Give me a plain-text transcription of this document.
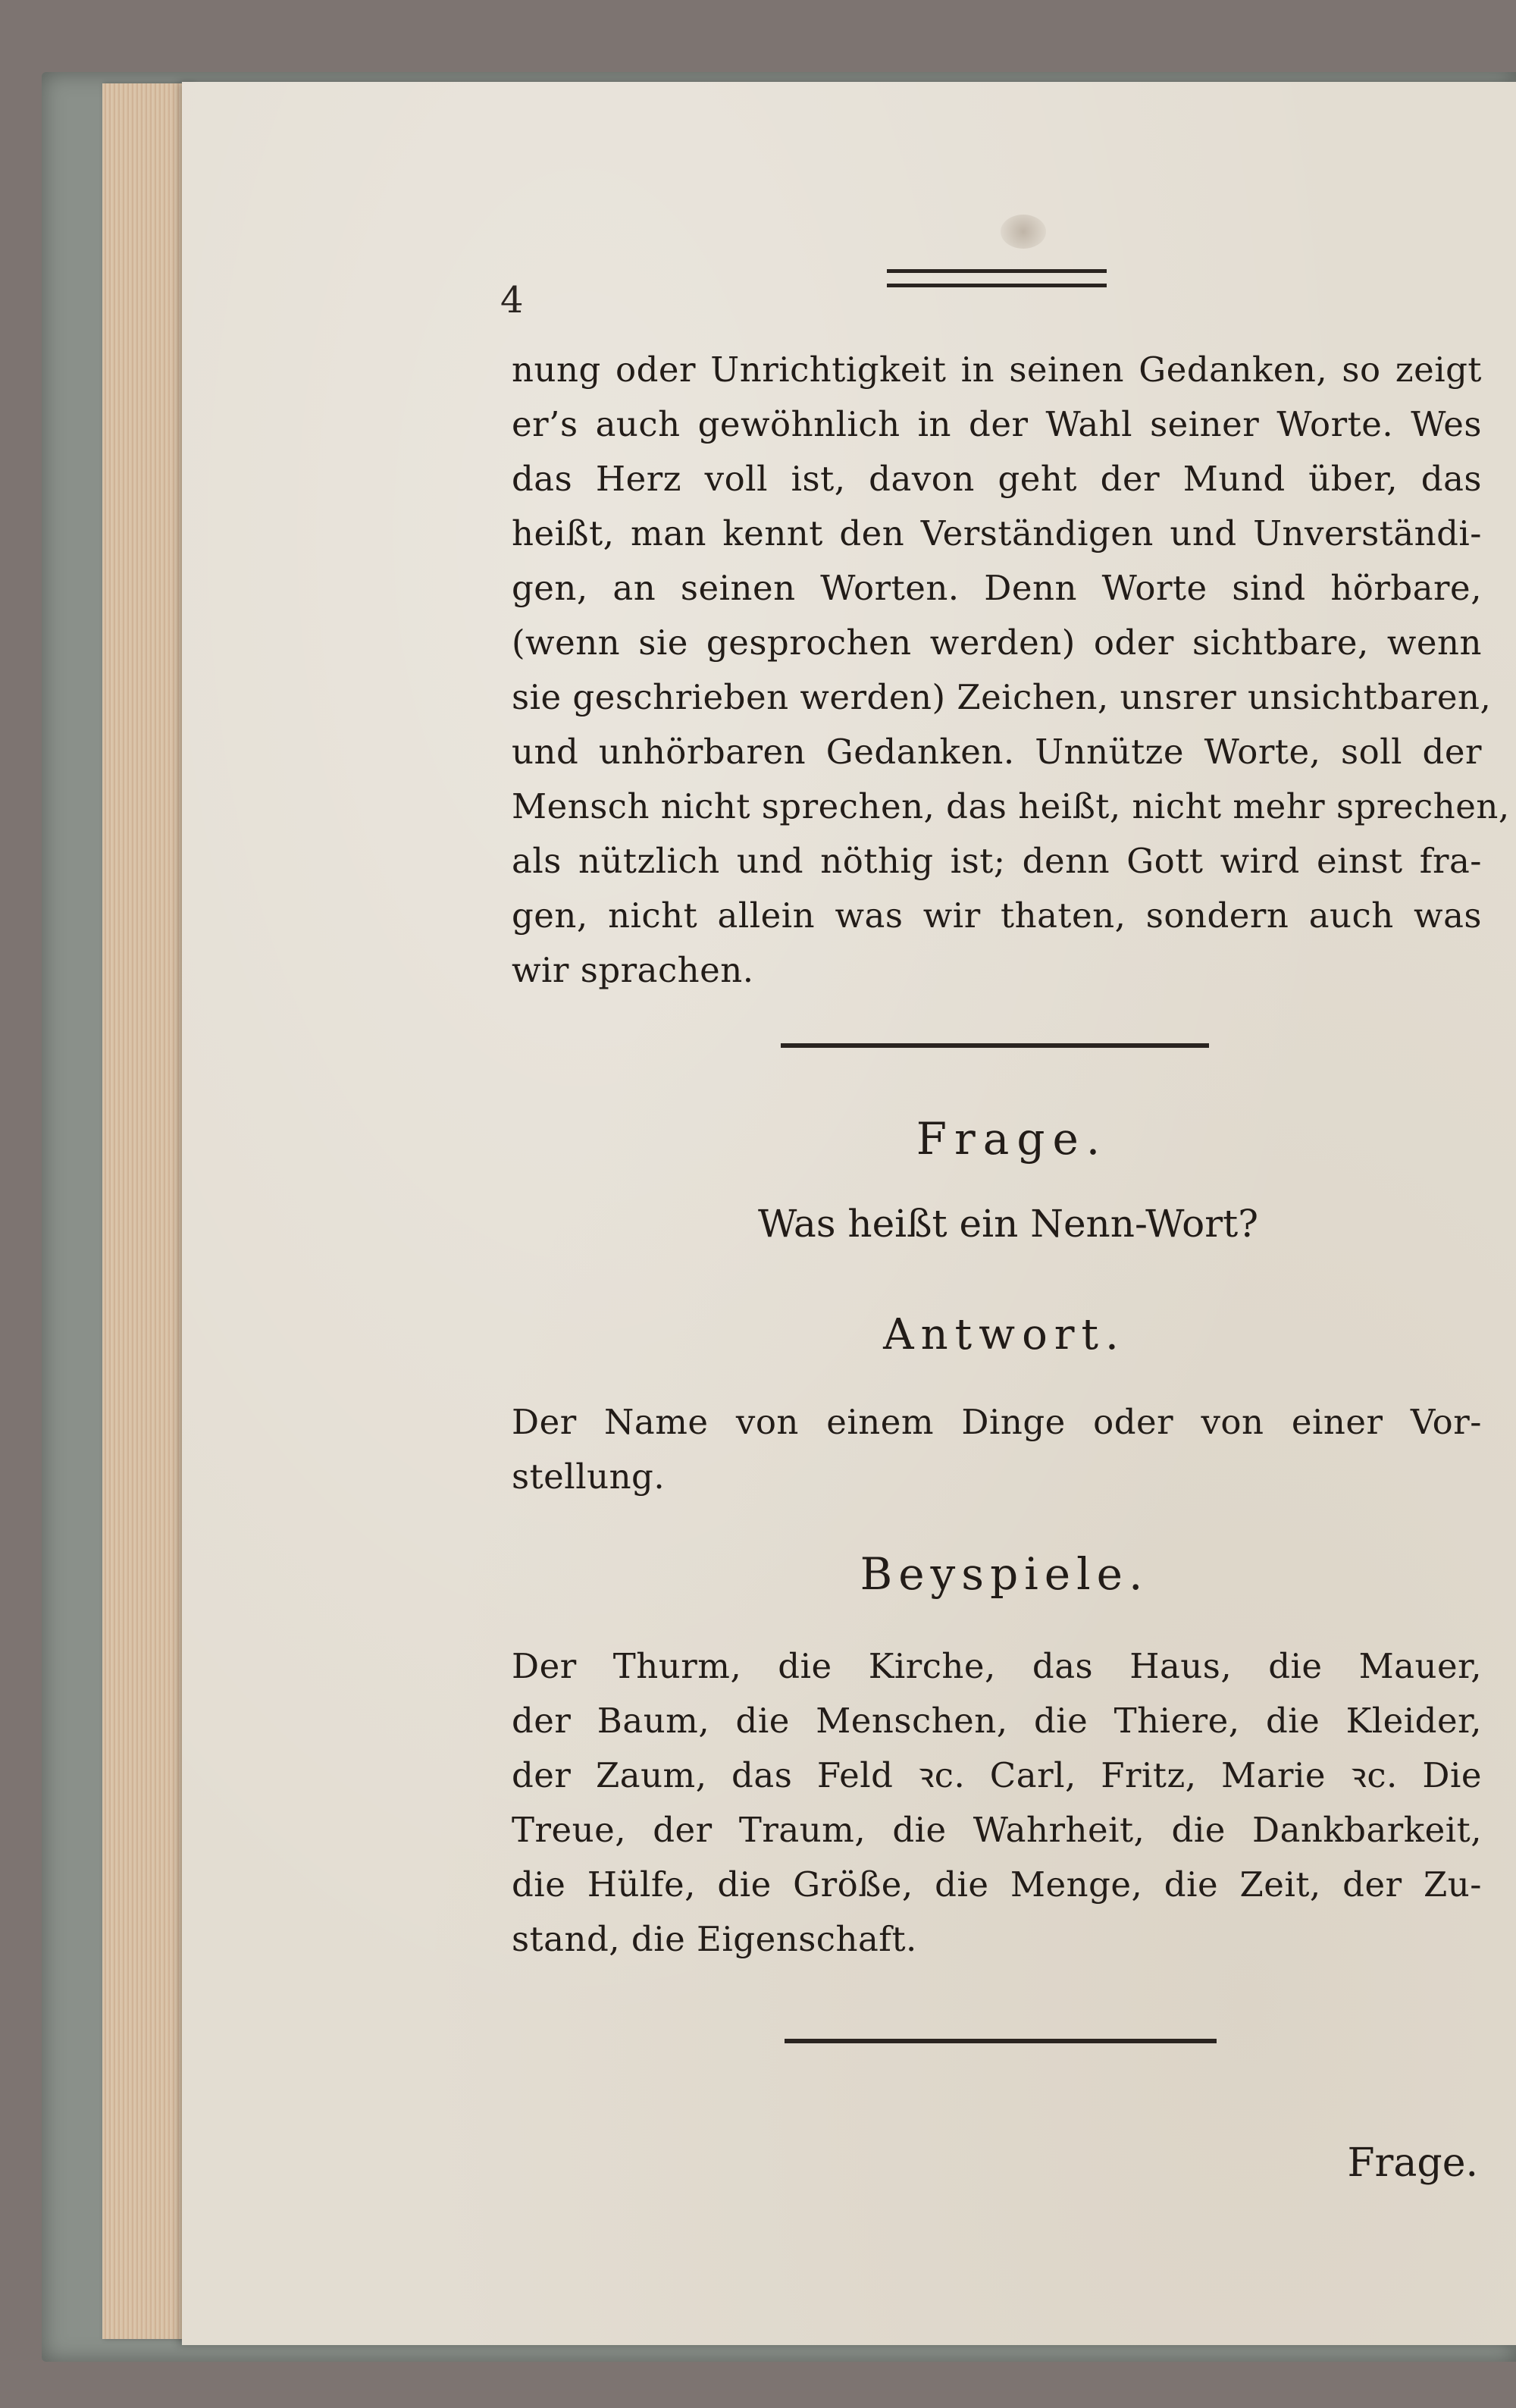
4
nung oder Unrichtigkeit in seinen Gedanken, so zeigt
er’s auch gewöhnlich in der Wahl seiner Worte. Wes
das Herz voll ist, davon geht der Mund über, das
heißt, man kennt den Verständigen und Unverständi-
gen, an seinen Worten. Denn Worte sind hörbare,
(wenn sie gesprochen werden) oder sichtbare, wenn
sie geschrieben werden) Zeichen, unsrer unsichtbaren,
und unhörbaren Gedanken. Unnütze Worte, soll der
Mensch nicht sprechen, das heißt, nicht mehr sprechen,
als nützlich und nöthig ist; denn Gott wird einst fra-
gen, nicht allein was wir thaten, sondern auch was
wir sprachen.
Frage.
Was heißt ein Nenn-Wort?
Antwort.
Der Name von einem Dinge oder von einer Vor-
stellung.
Beyspiele.
Der Thurm, die Kirche, das Haus, die Mauer,
der Baum, die Menschen, die Thiere, die Kleider,
der Zaum, das Feld ꝛc. Carl, Fritz, Marie ꝛc. Die
Treue, der Traum, die Wahrheit, die Dankbarkeit,
die Hülfe, die Größe, die Menge, die Zeit, der Zu-
stand, die Eigenschaft.
Frage.
